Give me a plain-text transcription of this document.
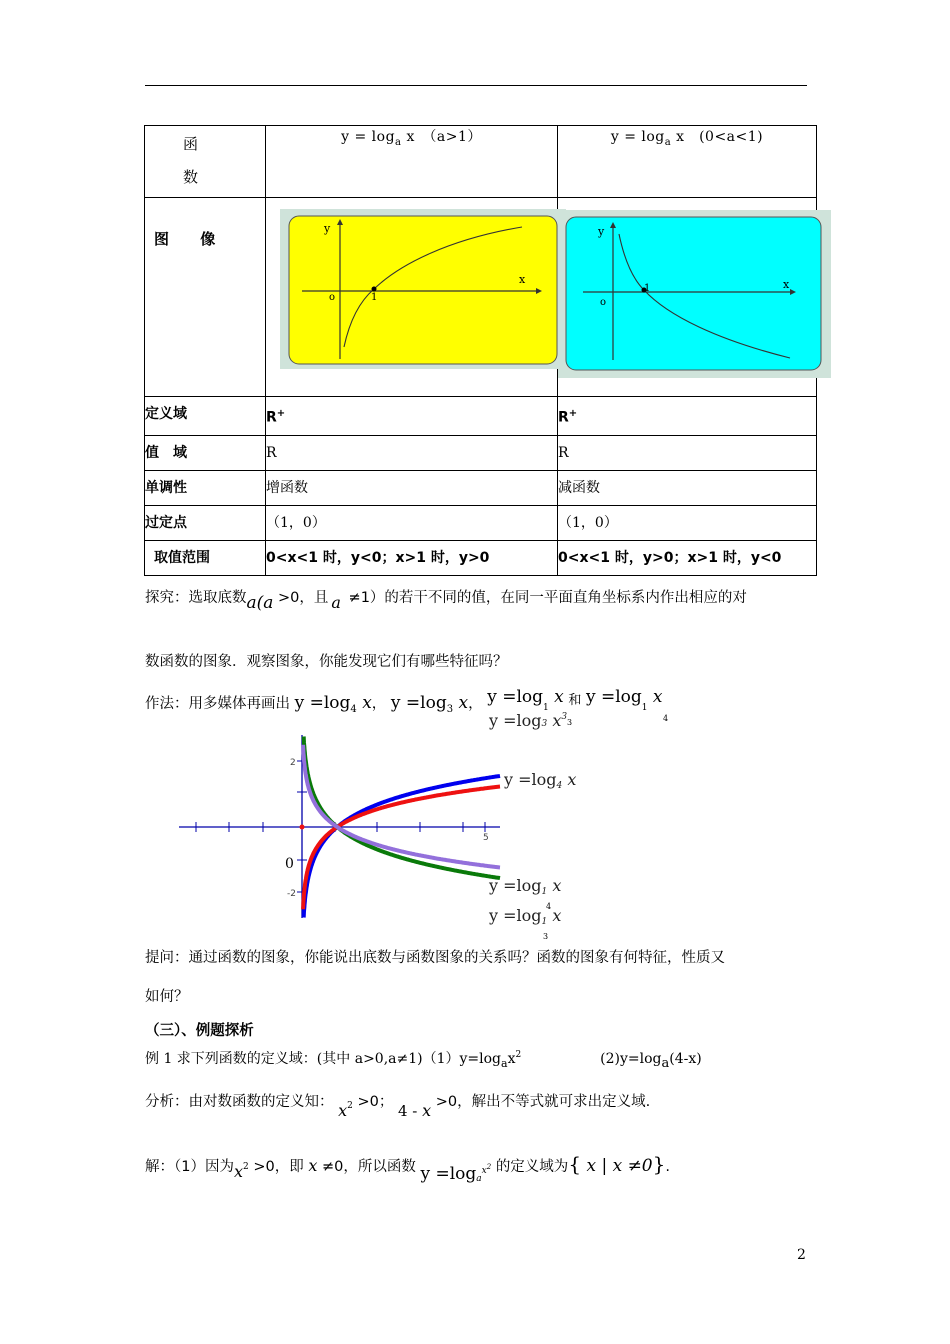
函
数	$y = \log_a x$　（a>1）	$y = \log_a x$　(0<a<1)

图 像		

定义域	R+	R+
值　域	R	R
单调性	增函数	减函数
过定点	（1，0）	（1，0）
取值范围	0<x<1 时，y<0；x>1 时，y>0	0<x<1 时，y>0；x>1 时，y<0
y
x
o	1
y
x
o
1
探究：选取底数a(a >0，且 a ≠1）的若干不同的值，在同一平面直角坐标系内作出相应的对
数函数的图象．观察图象，你能发现它们有哪些特征吗？
作法：用多媒体再画出 $y =\log_4$ x， $y =\log_3$ x， $y =\log_1$ x 和 $y =\log_1$ x
3	4
2
-2
5
0
y =log3 $x^3$
y =log4 x
y =log1 x
4
y =log1 x
3
提问：通过函数的图象，你能说出底数与函数图象的关系吗？函数的图象有何特征，性质又
如何？
（三）、例题探析
例 1 求下列函数的定义域：(其中 $a>0,a\ne 1)(1)y=\log_ax^2$	(2)y=loga(4-x)
分析：由对数函数的定义知： $x^2 >0$； 4 - x >0，解出不等式就可求出定义域.
解：（1）因为$x^2 >0$，即 x ≠0，所以函数 y =loga$^{x^2}$ 的定义域为{ x | x ≠0}.
2
